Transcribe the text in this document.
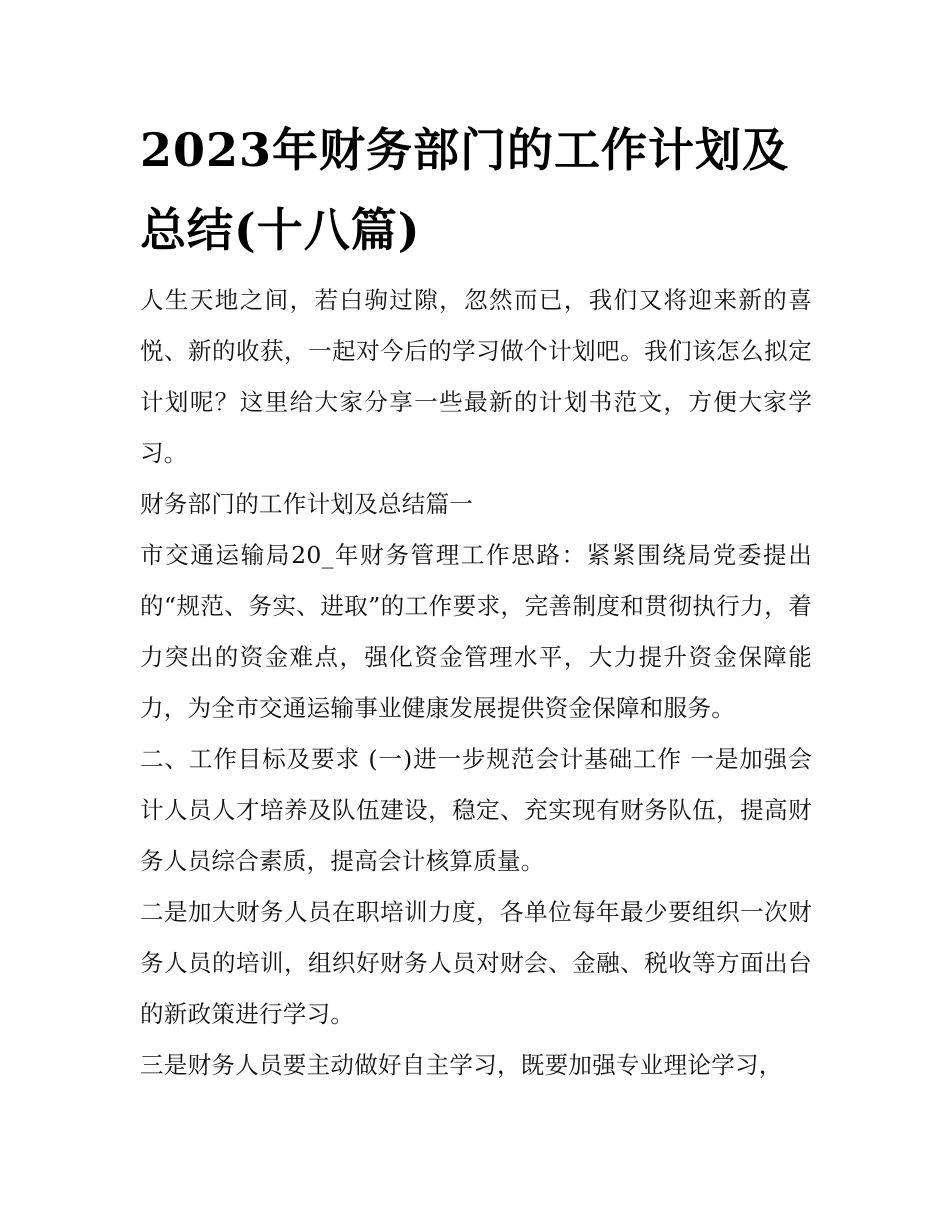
2023年财务部门的工作计划及总结(十八篇)

人生天地之间，若白驹过隙，忽然而已，我们又将迎来新的喜悦、新的收获，一起对今后的学习做个计划吧。我们该怎么拟定计划呢？这里给大家分享一些最新的计划书范文，方便大家学习。

财务部门的工作计划及总结篇一

市交通运输局20_年财务管理工作思路：紧紧围绕局党委提出的“规范、务实、进取”的工作要求，完善制度和贯彻执行力，着力突出的资金难点，强化资金管理水平，大力提升资金保障能力，为全市交通运输事业健康发展提供资金保障和服务。

二、工作目标及要求 (一)进一步规范会计基础工作 一是加强会计人员人才培养及队伍建设，稳定、充实现有财务队伍，提高财务人员综合素质，提高会计核算质量。

二是加大财务人员在职培训力度，各单位每年最少要组织一次财务人员的培训，组织好财务人员对财会、金融、税收等方面出台的新政策进行学习。

三是财务人员要主动做好自主学习，既要加强专业理论学习，
